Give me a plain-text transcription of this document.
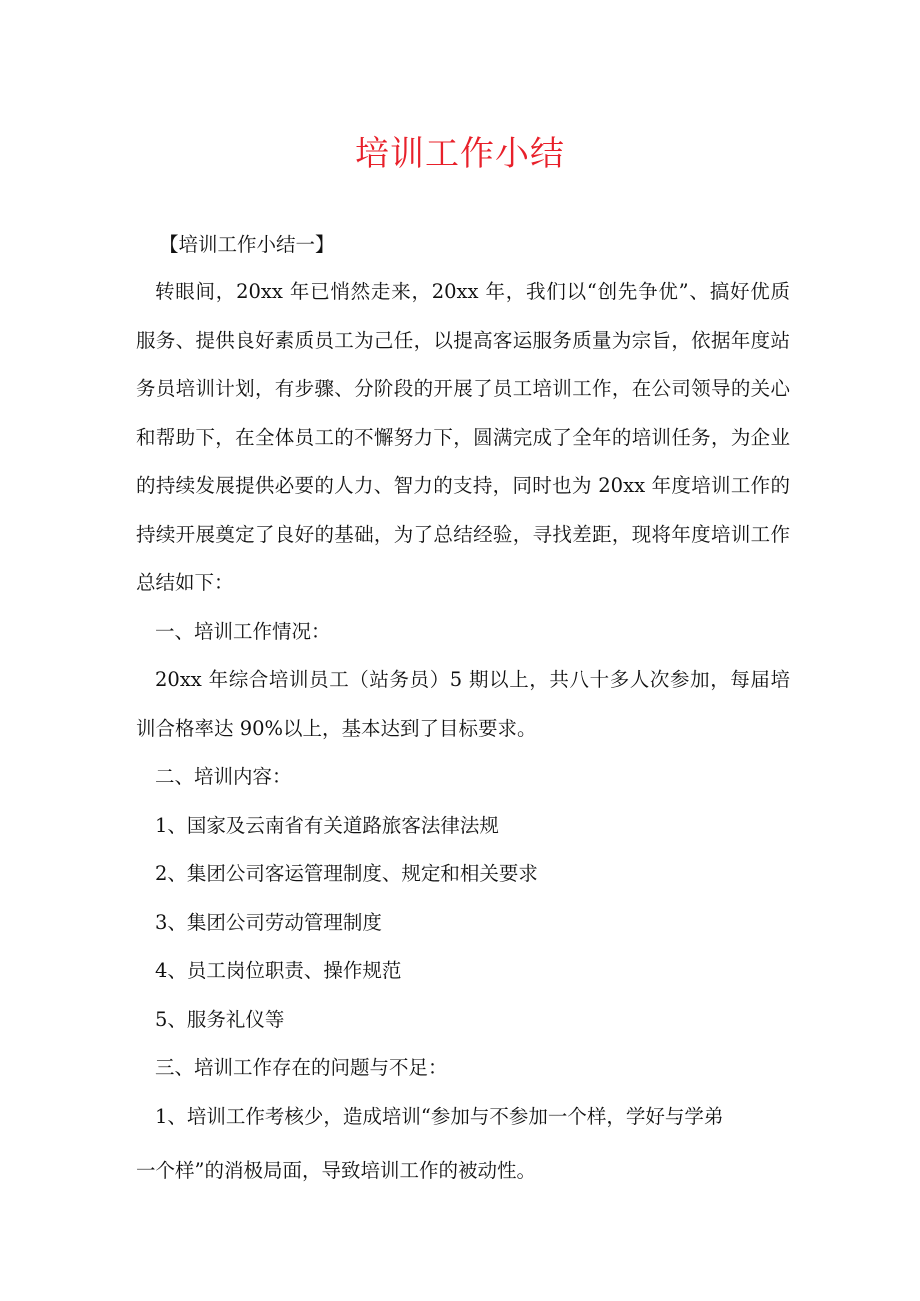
培训工作小结
【培训工作小结一】
转眼间，20xx 年已悄然走来，20xx 年，我们以“创先争优”、搞好优质
服务、提供良好素质员工为己任，以提高客运服务质量为宗旨，依据年度站
务员培训计划，有步骤、分阶段的开展了员工培训工作，在公司领导的关心
和帮助下，在全体员工的不懈努力下，圆满完成了全年的培训任务，为企业
的持续发展提供必要的人力、智力的支持，同时也为 20xx 年度培训工作的
持续开展奠定了良好的基础，为了总结经验，寻找差距，现将年度培训工作
总结如下：
一、培训工作情况：
20xx 年综合培训员工（站务员）5 期以上，共八十多人次参加，每届培
训合格率达 90%以上，基本达到了目标要求。
二、培训内容：
1、国家及云南省有关道路旅客法律法规
2、集团公司客运管理制度、规定和相关要求
3、集团公司劳动管理制度
4、员工岗位职责、操作规范
5、服务礼仪等
三、培训工作存在的问题与不足：
1、培训工作考核少，造成培训“参加与不参加一个样，学好与学弟
一个样”的消极局面，导致培训工作的被动性。
